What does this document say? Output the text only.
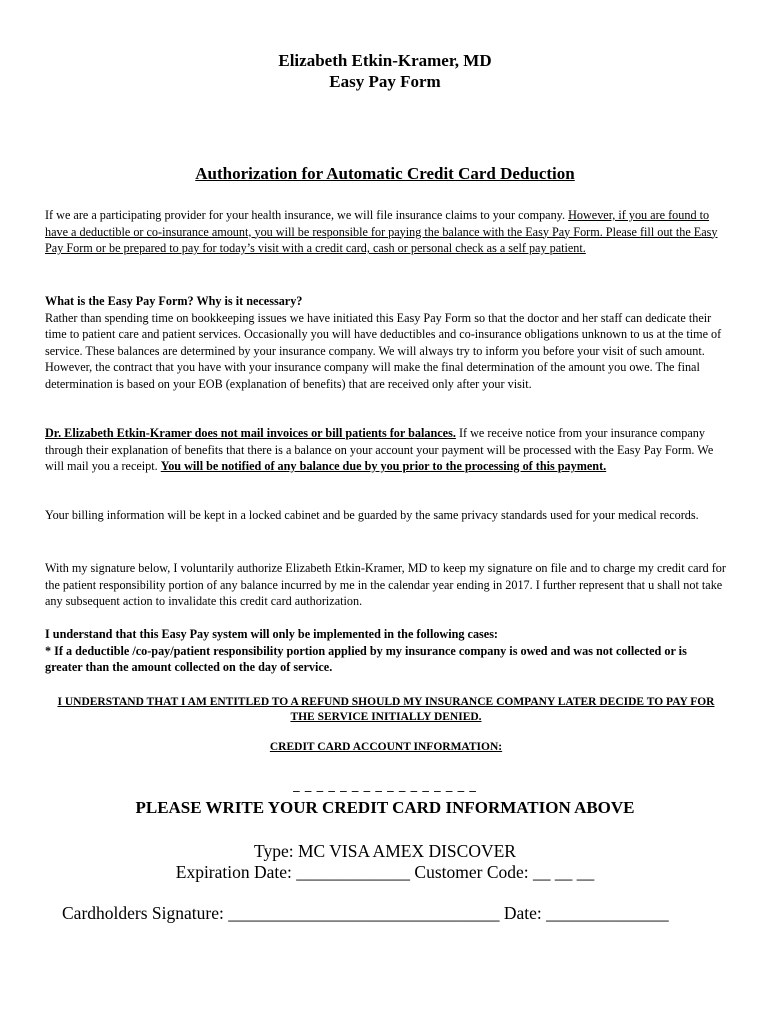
Elizabeth Etkin-Kramer, MD
Easy Pay Form
Authorization for Automatic Credit Card Deduction
If we are a participating provider for your health insurance, we will file insurance claims to your company. However, if you are found to have a deductible or co-insurance amount, you will be responsible for paying the balance with the Easy Pay Form. Please fill out the Easy Pay Form or be prepared to pay for today’s visit with a credit card, cash or personal check as a self pay patient.
What is the Easy Pay Form? Why is it necessary?
Rather than spending time on bookkeeping issues we have initiated this Easy Pay Form so that the doctor and her staff can dedicate their time to patient care and patient services. Occasionally you will have deductibles and co-insurance obligations unknown to us at the time of service. These balances are determined by your insurance company. We will always try to inform you before your visit of such amount. However, the contract that you have with your insurance company will make the final determination of the amount you owe. The final determination is based on your EOB (explanation of benefits) that are received only after your visit.
Dr. Elizabeth Etkin-Kramer does not mail invoices or bill patients for balances. If we receive notice from your insurance company through their explanation of benefits that there is a balance on your account your payment will be processed with the Easy Pay Form. We will mail you a receipt. You will be notified of any balance due by you prior to the processing of this payment.
Your billing information will be kept in a locked cabinet and be guarded by the same privacy standards used for your medical records.
With my signature below, I voluntarily authorize Elizabeth Etkin-Kramer, MD to keep my signature on file and to charge my credit card for the patient responsibility portion of any balance incurred by me in the calendar year ending in 2017. I further represent that u shall not take any subsequent action to invalidate this credit card authorization.
I understand that this Easy Pay system will only be implemented in the following cases:
* If a deductible /co-pay/patient responsibility portion applied by my insurance company is owed and was not collected or is greater than the amount collected on the day of service.
I UNDERSTAND THAT I AM ENTITLED TO A REFUND SHOULD MY INSURANCE COMPANY LATER DECIDE TO PAY FOR THE SERVICE INITIALLY DENIED.
CREDIT CARD ACCOUNT INFORMATION:
_ _ _ _ _ _ _ _ _ _ _ _ _ _ _ _
PLEASE WRITE YOUR CREDIT CARD INFORMATION ABOVE
Type: MC VISA AMEX DISCOVER
Expiration Date: _____________ Customer Code: __ __ __
Cardholders Signature: _______________________________ Date: ______________
